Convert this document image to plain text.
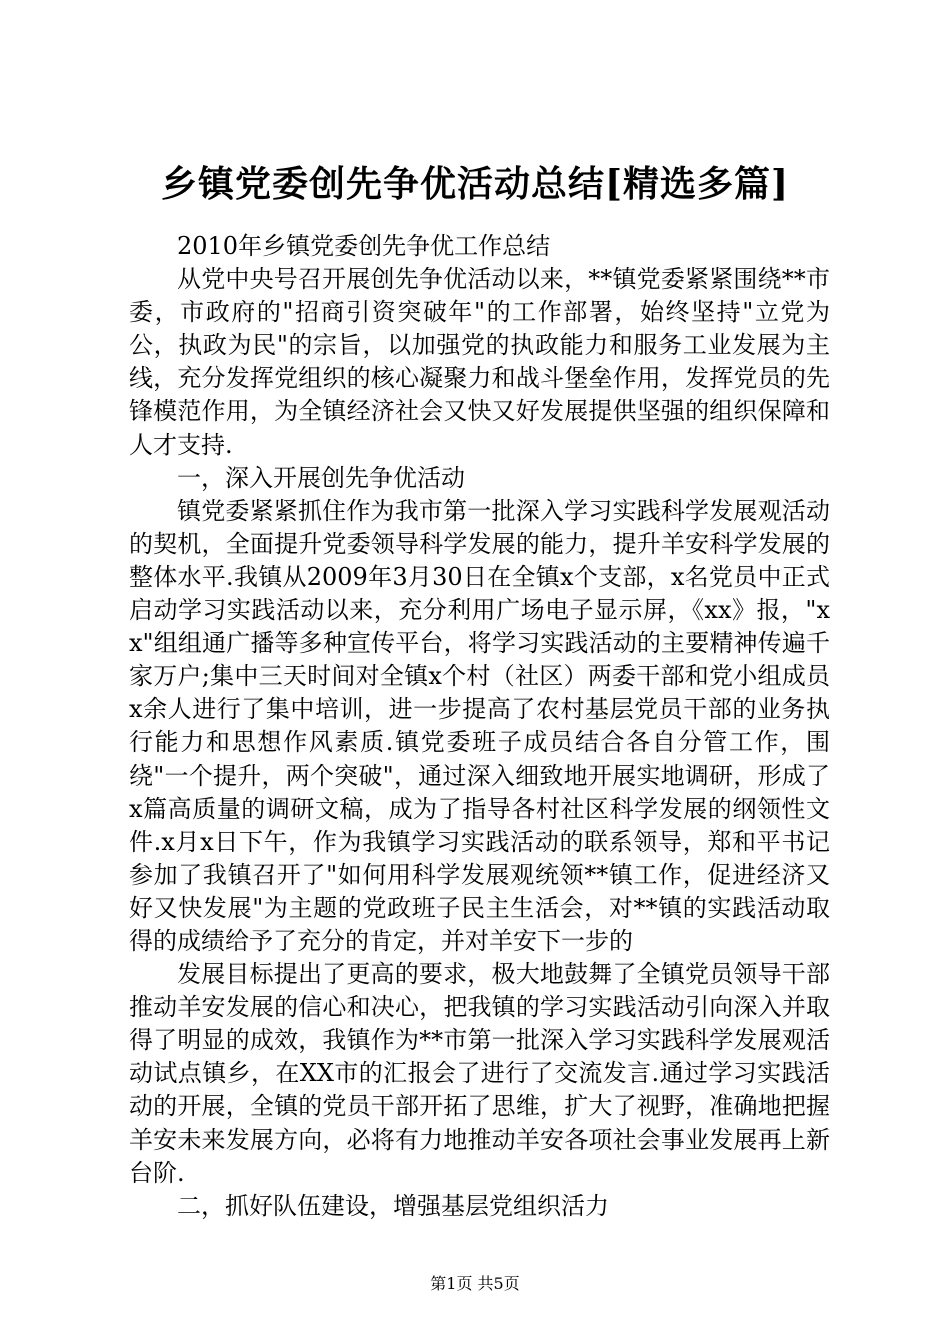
乡镇党委创先争优活动总结[精选多篇]

2010年乡镇党委创先争优工作总结

从党中央号召开展创先争优活动以来，**镇党委紧紧围绕**市委，市政府的"招商引资突破年"的工作部署，始终坚持"立党为公，执政为民"的宗旨，以加强党的执政能力和服务工业发展为主线，充分发挥党组织的核心凝聚力和战斗堡垒作用，发挥党员的先锋模范作用，为全镇经济社会又快又好发展提供坚强的组织保障和人才支持.

一，深入开展创先争优活动

镇党委紧紧抓住作为我市第一批深入学习实践科学发展观活动的契机，全面提升党委领导科学发展的能力，提升羊安科学发展的整体水平.我镇从2009年3月30日在全镇x个支部，x名党员中正式启动学习实践活动以来，充分利用广场电子显示屏，《xx》报，"xx"组组通广播等多种宣传平台，将学习实践活动的主要精神传遍千家万户;集中三天时间对全镇x个村（社区）两委干部和党小组成员x余人进行了集中培训，进一步提高了农村基层党员干部的业务执行能力和思想作风素质.镇党委班子成员结合各自分管工作，围绕"一个提升，两个突破"，通过深入细致地开展实地调研，形成了x篇高质量的调研文稿，成为了指导各村社区科学发展的纲领性文件.x月x日下午，作为我镇学习实践活动的联系领导，郑和平书记参加了我镇召开了"如何用科学发展观统领**镇工作，促进经济又好又快发展"为主题的党政班子民主生活会，对**镇的实践活动取得的成绩给予了充分的肯定，并对羊安下一步的

发展目标提出了更高的要求，极大地鼓舞了全镇党员领导干部推动羊安发展的信心和决心，把我镇的学习实践活动引向深入并取得了明显的成效，我镇作为**市第一批深入学习实践科学发展观活动试点镇乡，在XX市的汇报会了进行了交流发言.通过学习实践活动的开展，全镇的党员干部开拓了思维，扩大了视野，准确地把握羊安未来发展方向，必将有力地推动羊安各项社会事业发展再上新台阶.

二，抓好队伍建设，增强基层党组织活力

第1页 共5页
